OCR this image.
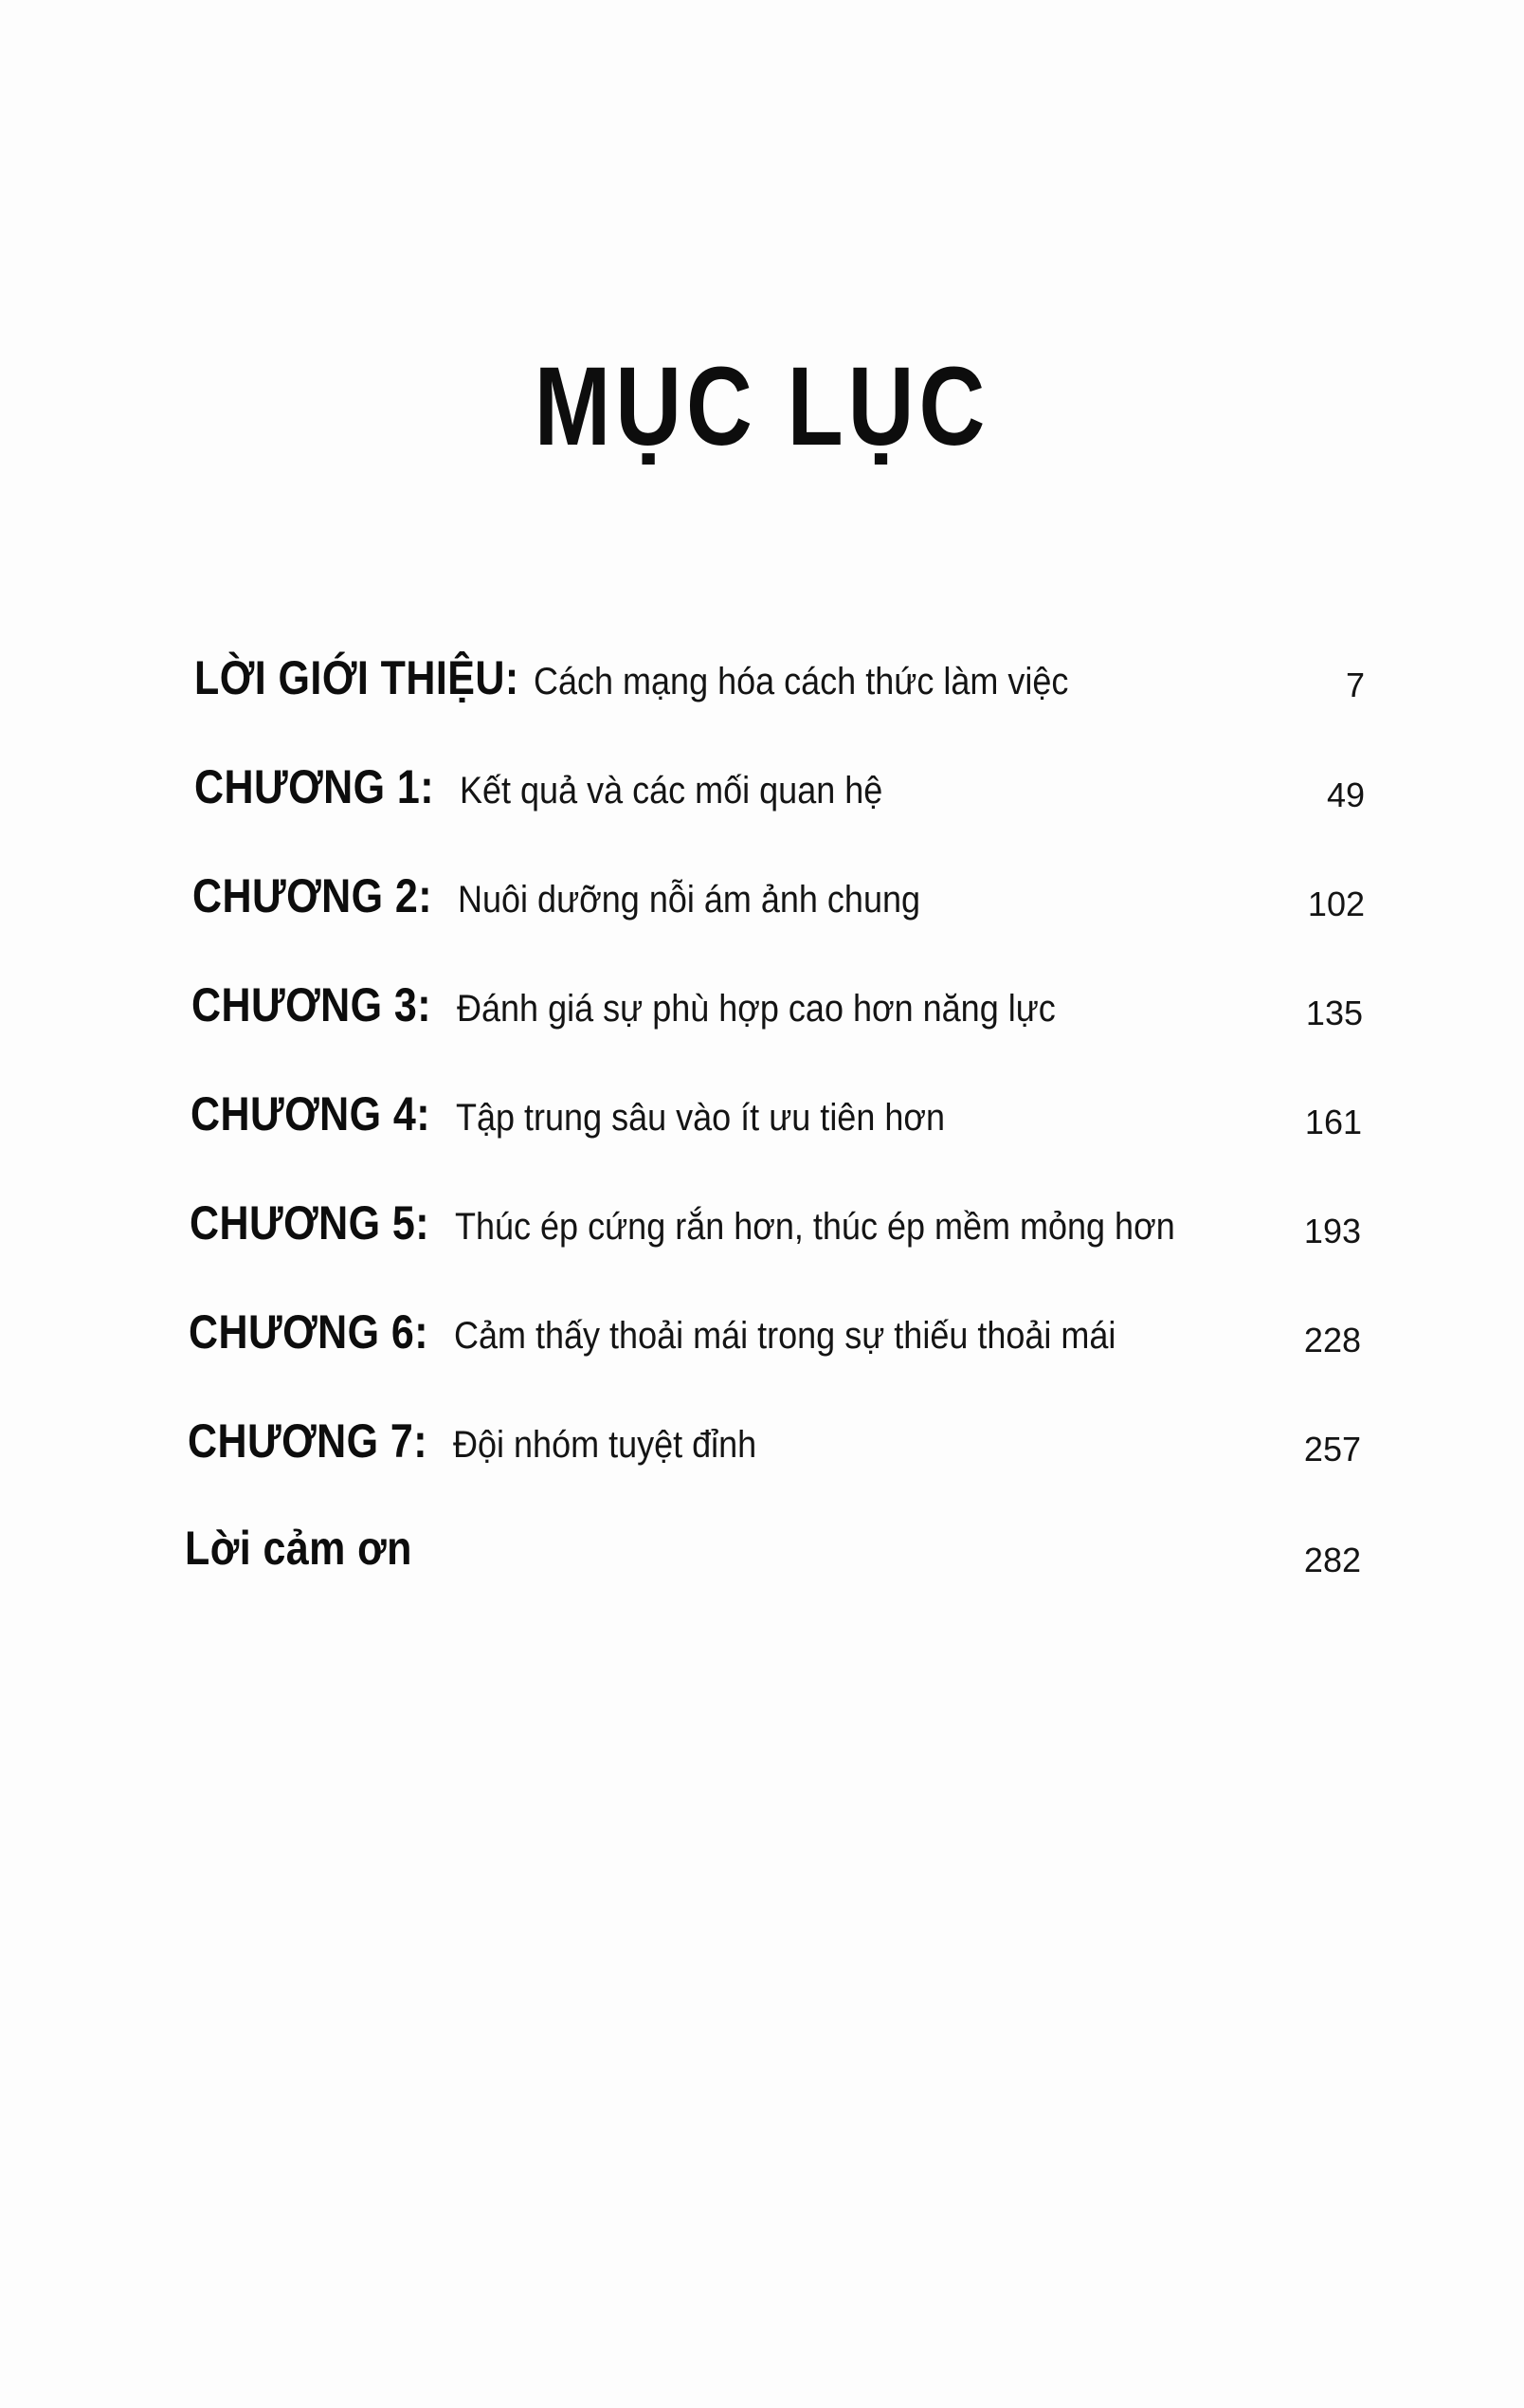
MỤC LỤC
LỜI GIỚI THIỆU: Cách mạng hóa cách thức làm việc	7
CHƯƠNG 1: Kết quả và các mối quan hệ	49
CHƯƠNG 2: Nuôi dưỡng nỗi ám ảnh chung	102
CHƯƠNG 3: Đánh giá sự phù hợp cao hơn năng lực	135
CHƯƠNG 4: Tập trung sâu vào ít ưu tiên hơn	161
CHƯƠNG 5: Thúc ép cứng rắn hơn, thúc ép mềm mỏng hơn	193
CHƯƠNG 6: Cảm thấy thoải mái trong sự thiếu thoải mái	228
CHƯƠNG 7: Đội nhóm tuyệt đỉnh	257
Lời cảm ơn	282
